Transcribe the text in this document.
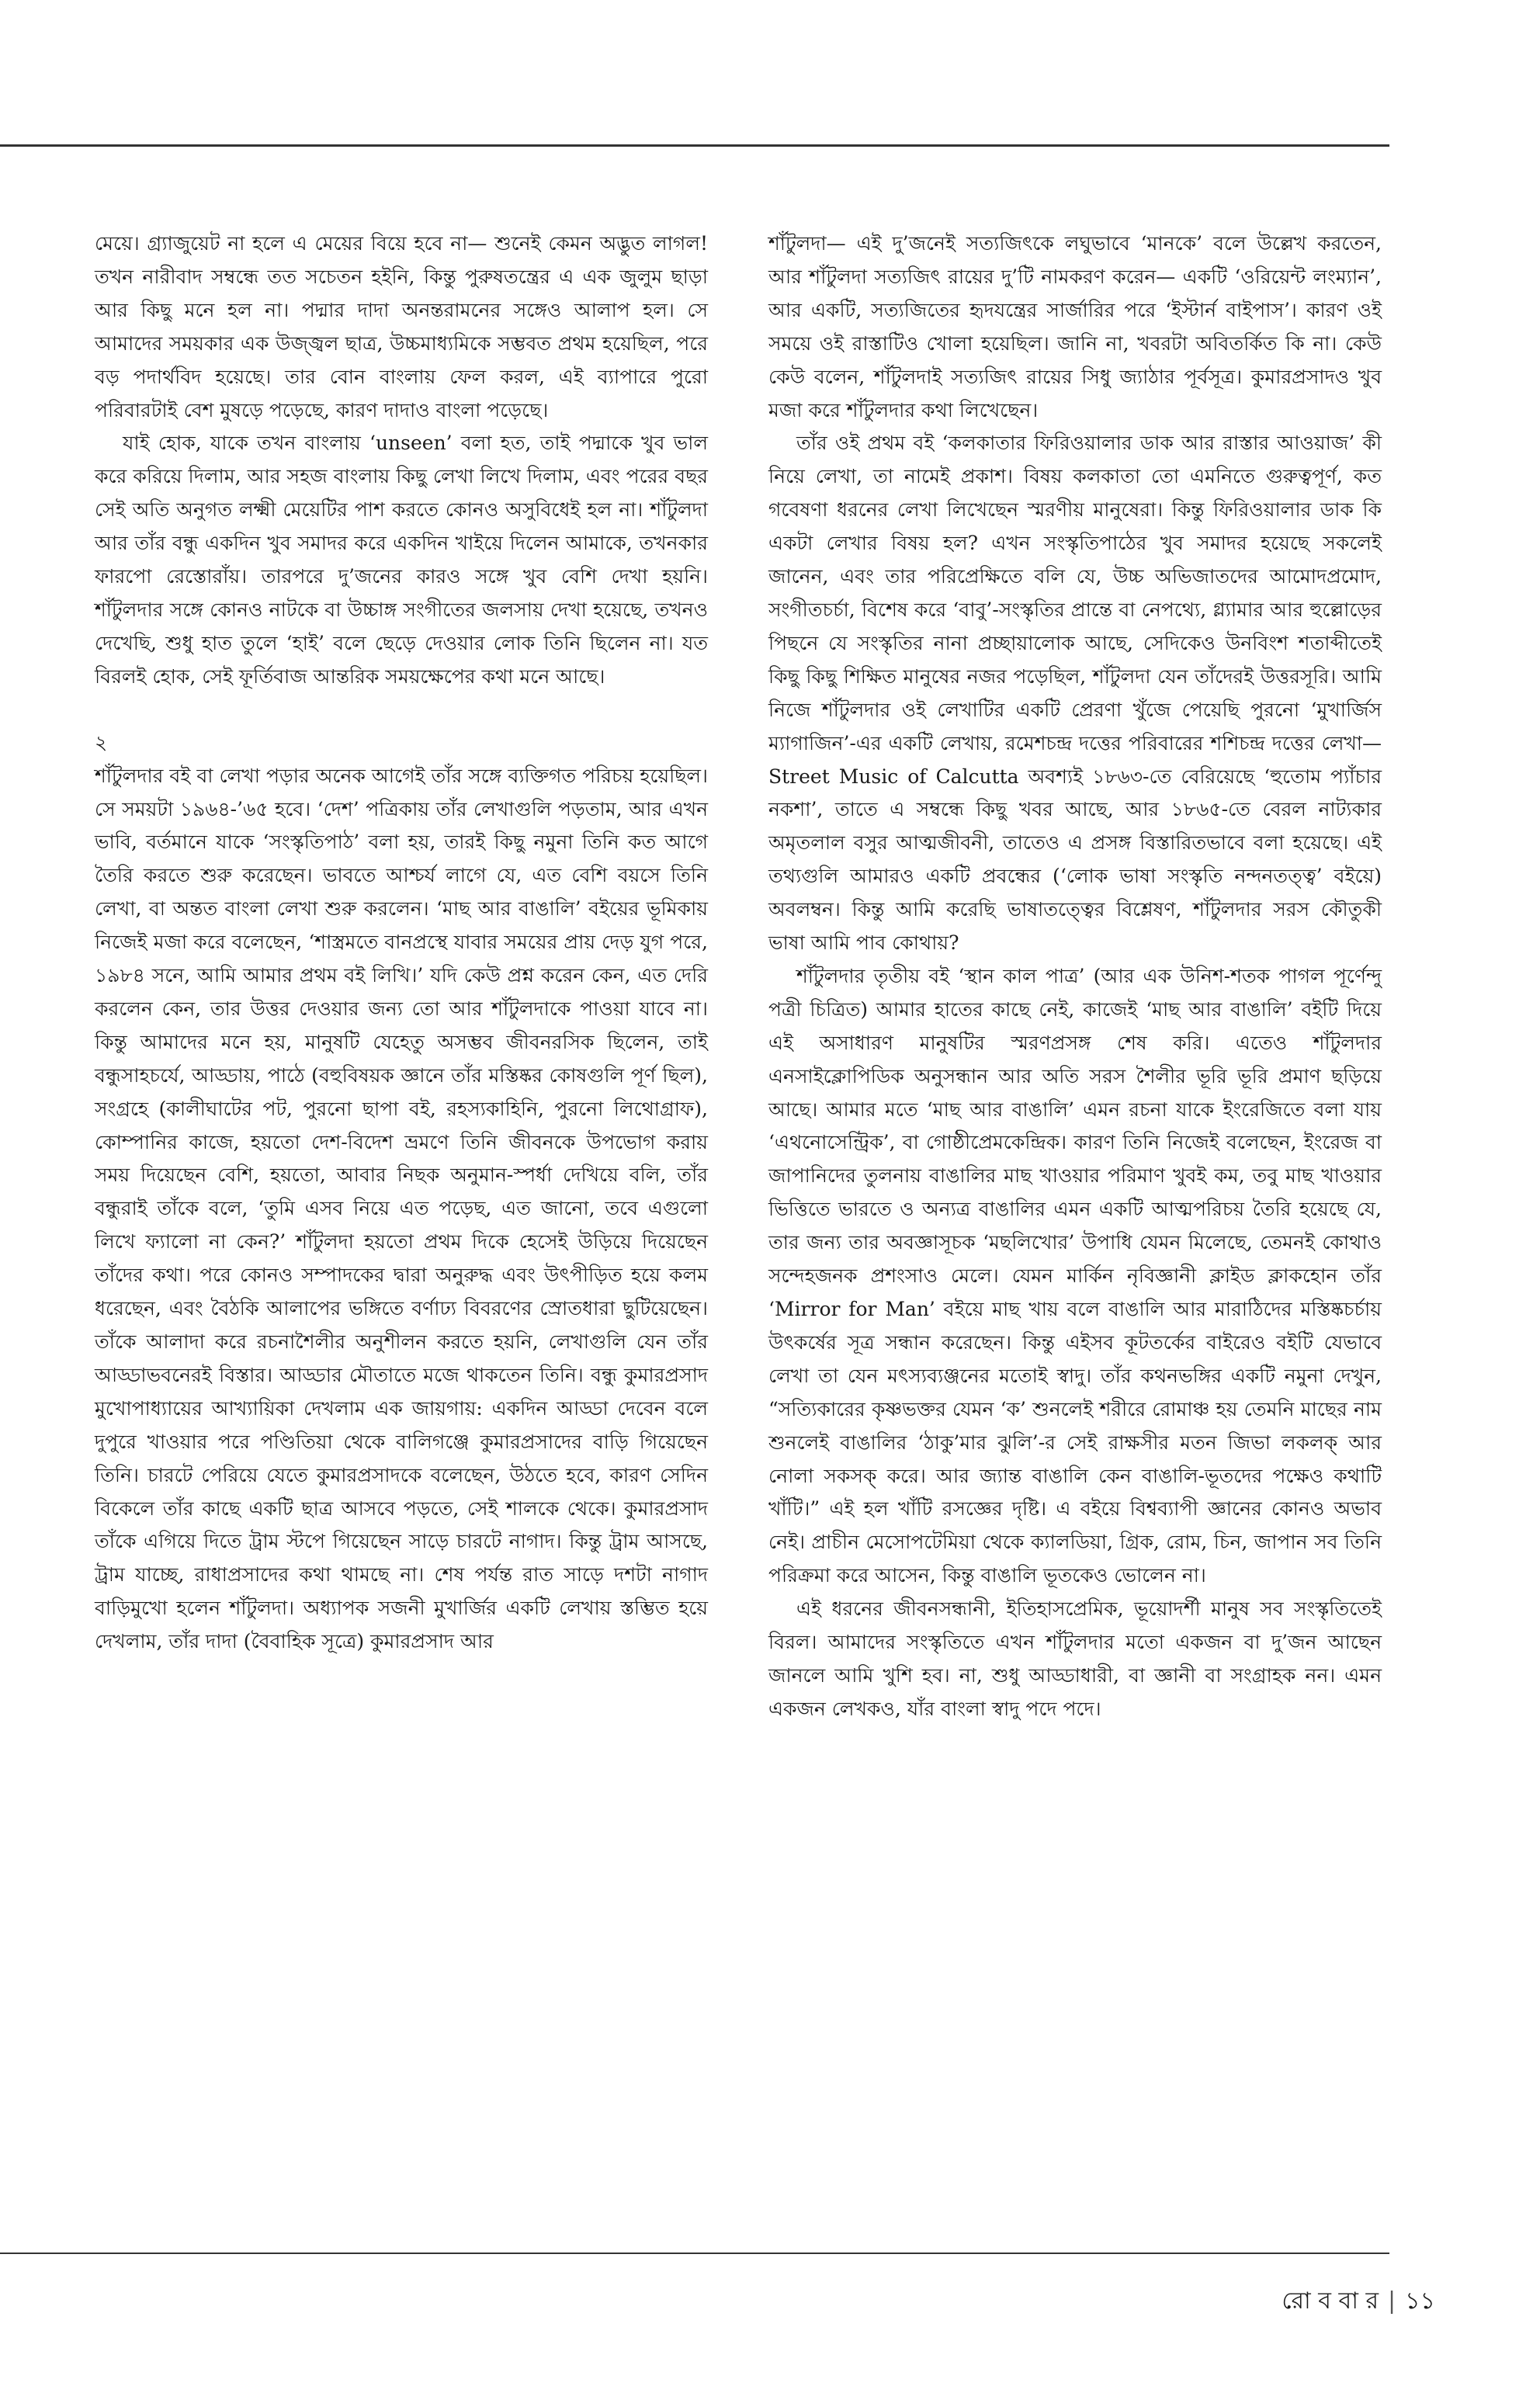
মেয়ে। গ্র্যাজুয়েট না হলে এ মেয়ের বিয়ে হবে না— শুনেই কেমন অদ্ভুত লাগল! তখন নারীবাদ সম্বন্ধে তত সচেতন হইনি, কিন্তু পুরুষতন্ত্রের এ এক জুলুম ছাড়া আর কিছু মনে হল না। পদ্মার দাদা অনন্তরামনের সঙ্গেও আলাপ হল। সে আমাদের সময়কার এক উজ্জ্বল ছাত্র, উচ্চমাধ্যমিকে সম্ভবত প্রথম হয়েছিল, পরে বড় পদার্থবিদ হয়েছে। তার বোন বাংলায় ফেল করল, এই ব্যাপারে পুরো পরিবারটাই বেশ মুষড়ে পড়েছে, কারণ দাদাও বাংলা পড়েছে।

যাই হোক, যাকে তখন বাংলায় ‘unseen’ বলা হত, তাই পদ্মাকে খুব ভাল করে করিয়ে দিলাম, আর সহজ বাংলায় কিছু লেখা লিখে দিলাম, এবং পরের বছর সেই অতি অনুগত লক্ষ্মী মেয়েটির পাশ করতে কোনও অসুবিধেই হল না। শাঁটুলদা আর তাঁর বন্ধু একদিন খুব সমাদর করে একদিন খাইয়ে দিলেন আমাকে, তখনকার ফারপো রেস্তোরাঁয়। তারপরে দু’জনের কারও সঙ্গে খুব বেশি দেখা হয়নি। শাঁটুলদার সঙ্গে কোনও নাটকে বা উচ্চাঙ্গ সংগীতের জলসায় দেখা হয়েছে, তখনও দেখেছি, শুধু হাত তুলে ‘হাই’ বলে ছেড়ে দেওয়ার লোক তিনি ছিলেন না। যত বিরলই হোক, সেই ফূর্তিবাজ আন্তরিক সময়ক্ষেপের কথা মনে আছে।

২

শাঁটুলদার বই বা লেখা পড়ার অনেক আগেই তাঁর সঙ্গে ব্যক্তিগত পরিচয় হয়েছিল। সে সময়টা ১৯৬৪-’৬৫ হবে। ‘দেশ’ পত্রিকায় তাঁর লেখাগুলি পড়তাম, আর এখন ভাবি, বর্তমানে যাকে ‘সংস্কৃতিপাঠ’ বলা হয়, তারই কিছু নমুনা তিনি কত আগে তৈরি করতে শুরু করেছেন। ভাবতে আশ্চর্য লাগে যে, এত বেশি বয়সে তিনি লেখা, বা অন্তত বাংলা লেখা শুরু করলেন। ‘মাছ আর বাঙালি’ বইয়ের ভূমিকায় নিজেই মজা করে বলেছেন, ‘শাস্ত্রমতে বানপ্রস্থে যাবার সময়ের প্রায় দেড় যুগ পরে, ১৯৮৪ সনে, আমি আমার প্রথম বই লিখি।’ যদি কেউ প্রশ্ন করেন কেন, এত দেরি করলেন কেন, তার উত্তর দেওয়ার জন্য তো আর শাঁটুলদাকে পাওয়া যাবে না। কিন্তু আমাদের মনে হয়, মানুষটি যেহেতু অসম্ভব জীবনরসিক ছিলেন, তাই বন্ধুসাহচর্যে, আড্ডায়, পাঠে (বহুবিষয়ক জ্ঞানে তাঁর মস্তিষ্কর কোষগুলি পূর্ণ ছিল), সংগ্রহে (কালীঘাটের পট, পুরনো ছাপা বই, রহস্যকাহিনি, পুরনো লিথোগ্রাফ), কোম্পানির কাজে, হয়তো দেশ-বিদেশ ভ্রমণে তিনি জীবনকে উপভোগ করায় সময় দিয়েছেন বেশি, হয়তো, আবার নিছক অনুমান-স্পর্ধা দেখিয়ে বলি, তাঁর বন্ধুরাই তাঁকে বলে, ‘তুমি এসব নিয়ে এত পড়েছ, এত জানো, তবে এগুলো লিখে ফ্যালো না কেন?’ শাঁটুলদা হয়তো প্রথম দিকে হেসেই উড়িয়ে দিয়েছেন তাঁদের কথা। পরে কোনও সম্পাদকের দ্বারা অনুরুদ্ধ এবং উৎপীড়িত হয়ে কলম ধরেছেন, এবং বৈঠকি আলাপের ভঙ্গিতে বর্ণাঢ্য বিবরণের স্রোতধারা ছুটিয়েছেন। তাঁকে আলাদা করে রচনাশৈলীর অনুশীলন করতে হয়নি, লেখাগুলি যেন তাঁর আড্ডাভবনেরই বিস্তার। আড্ডার মৌতাতে মজে থাকতেন তিনি। বন্ধু কুমারপ্রসাদ মুখোপাধ্যায়ের আখ্যায়িকা দেখলাম এক জায়গায়: একদিন আড্ডা দেবেন বলে দুপুরে খাওয়ার পরে পণ্ডিতিয়া থেকে বালিগঞ্জে কুমারপ্রসাদের বাড়ি গিয়েছেন তিনি। চারটে পেরিয়ে যেতে কুমারপ্রসাদকে বলেছেন, উঠতে হবে, কারণ সেদিন বিকেলে তাঁর কাছে একটি ছাত্র আসবে পড়তে, সেই শালকে থেকে। কুমারপ্রসাদ তাঁকে এগিয়ে দিতে ট্রাম স্টপে গিয়েছেন সাড়ে চারটে নাগাদ। কিন্তু ট্রাম আসছে, ট্রাম যাচ্ছে, রাধাপ্রসাদের কথা থামছে না। শেষ পর্যন্ত রাত সাড়ে দশটা নাগাদ বাড়িমুখো হলেন শাঁটুলদা। অধ্যাপক সজনী মুখার্জির একটি লেখায় স্তম্ভিত হয়ে দেখলাম, তাঁর দাদা (বৈবাহিক সূত্রে) কুমারপ্রসাদ আর

শাঁটুলদা— এই দু’জনেই সত্যজিৎকে লঘুভাবে ‘মানকে’ বলে উল্লেখ করতেন, আর শাঁটুলদা সত্যজিৎ রায়ের দু’টি নামকরণ করেন— একটি ‘ওরিয়েন্ট লংম্যান’, আর একটি, সত্যজিতের হৃদযন্ত্রের সার্জারির পরে ‘ইস্টার্ন বাইপাস’। কারণ ওই সময়ে ওই রাস্তাটিও খোলা হয়েছিল। জানি না, খবরটা অবিতর্কিত কি না। কেউ কেউ বলেন, শাঁটুলদাই সত্যজিৎ রায়ের সিধু জ্যাঠার পূর্বসূত্র। কুমারপ্রসাদও খুব মজা করে শাঁটুলদার কথা লিখেছেন।

তাঁর ওই প্রথম বই ‘কলকাতার ফিরিওয়ালার ডাক আর রাস্তার আওয়াজ’ কী নিয়ে লেখা, তা নামেই প্রকাশ। বিষয় কলকাতা তো এমনিতে গুরুত্বপূর্ণ, কত গবেষণা ধরনের লেখা লিখেছেন স্মরণীয় মানুষেরা। কিন্তু ফিরিওয়ালার ডাক কি একটা লেখার বিষয় হল? এখন সংস্কৃতিপাঠের খুব সমাদর হয়েছে সকলেই জানেন, এবং তার পরিপ্রেক্ষিতে বলি যে, উচ্চ অভিজাতদের আমোদপ্রমোদ, সংগীতচর্চা, বিশেষ করে ‘বাবু’-সংস্কৃতির প্রান্তে বা নেপথ্যে, গ্ল্যামার আর হুল্লোড়ের পিছনে যে সংস্কৃতির নানা প্রচ্ছায়ালোক আছে, সেদিকেও উনবিংশ শতাব্দীতেই কিছু কিছু শিক্ষিত মানুষের নজর পড়েছিল, শাঁটুলদা যেন তাঁদেরই উত্তরসূরি। আমি নিজে শাঁটুলদার ওই লেখাটির একটি প্রেরণা খুঁজে পেয়েছি পুরনো ‘মুখার্জিস ম্যাগাজিন’-এর একটি লেখায়, রমেশচন্দ্র দত্তের পরিবারের শশিচন্দ্র দত্তের লেখা— Street Music of Calcutta অবশ্যই ১৮৬৩-তে বেরিয়েছে ‘হুতোম প্যাঁচার নকশা’, তাতে এ সম্বন্ধে কিছু খবর আছে, আর ১৮৬৫-তে বেরল নাট্যকার অমৃতলাল বসুর আত্মজীবনী, তাতেও এ প্রসঙ্গ বিস্তারিতভাবে বলা হয়েছে। এই তথ্যগুলি আমারও একটি প্রবন্ধের (‘লোক ভাষা সংস্কৃতি নন্দনতত্ত্ব’ বইয়ে) অবলম্বন। কিন্তু আমি করেছি ভাষাতত্ত্বের বিশ্লেষণ, শাঁটুলদার সরস কৌতুকী ভাষা আমি পাব কোথায়?

শাঁটুলদার তৃতীয় বই ‘স্থান কাল পাত্র’ (আর এক উনিশ-শতক পাগল পূর্ণেন্দু পত্রী চিত্রিত) আমার হাতের কাছে নেই, কাজেই ‘মাছ আর বাঙালি’ বইটি দিয়ে এই অসাধারণ মানুষটির স্মরণপ্রসঙ্গ শেষ করি। এতেও শাঁটুলদার এনসাইক্লোপিডিক অনুসন্ধান আর অতি সরস শৈলীর ভূরি ভূরি প্রমাণ ছড়িয়ে আছে। আমার মতে ‘মাছ আর বাঙালি’ এমন রচনা যাকে ইংরেজিতে বলা যায় ‘এথনোসেন্ট্রিক’, বা গোষ্ঠীপ্রেমকেন্দ্রিক। কারণ তিনি নিজেই বলেছেন, ইংরেজ বা জাপানিদের তুলনায় বাঙালির মাছ খাওয়ার পরিমাণ খুবই কম, তবু মাছ খাওয়ার ভিত্তিতে ভারতে ও অন্যত্র বাঙালির এমন একটি আত্মপরিচয় তৈরি হয়েছে যে, তার জন্য তার অবজ্ঞাসূচক ‘মছলিখোর’ উপাধি যেমন মিলেছে, তেমনই কোথাও সন্দেহজনক প্রশংসাও মেলে। যেমন মার্কিন নৃবিজ্ঞানী ক্লাইড ক্লাকহোন তাঁর ‘Mirror for Man’ বইয়ে মাছ খায় বলে বাঙালি আর মারাঠিদের মস্তিষ্কচর্চায় উৎকর্ষের সূত্র সন্ধান করেছেন। কিন্তু এইসব কূটতর্কের বাইরেও বইটি যেভাবে লেখা তা যেন মৎস্যব্যঞ্জনের মতোই স্বাদু। তাঁর কথনভঙ্গির একটি নমুনা দেখুন, “সত্যিকারের কৃষ্ণভক্তর যেমন ‘ক’ শুনলেই শরীরে রোমাঞ্চ হয় তেমনি মাছের নাম শুনলেই বাঙালির ‘ঠাকু’মার ঝুলি’-র সেই রাক্ষসীর মতন জিভা লকলক্ আর নোলা সকসক্ করে। আর জ্যান্ত বাঙালি কেন বাঙালি-ভূতদের পক্ষেও কথাটি খাঁটি।” এই হল খাঁটি রসজ্ঞের দৃষ্টি। এ বইয়ে বিশ্বব্যাপী জ্ঞানের কোনও অভাব নেই। প্রাচীন মেসোপটেমিয়া থেকে ক্যালডিয়া, গ্রিক, রোম, চিন, জাপান সব তিনি পরিক্রমা করে আসেন, কিন্তু বাঙালি ভূতকেও ভোলেন না।

এই ধরনের জীবনসন্ধানী, ইতিহাসপ্রেমিক, ভূয়োদর্শী মানুষ সব সংস্কৃতিতেই বিরল। আমাদের সংস্কৃতিতে এখন শাঁটুলদার মতো একজন বা দু’জন আছেন জানলে আমি খুশি হব। না, শুধু আড্ডাধারী, বা জ্ঞানী বা সংগ্রাহক নন। এমন একজন লেখকও, যাঁর বাংলা স্বাদু পদে পদে।

রো ব বা র | ১১
